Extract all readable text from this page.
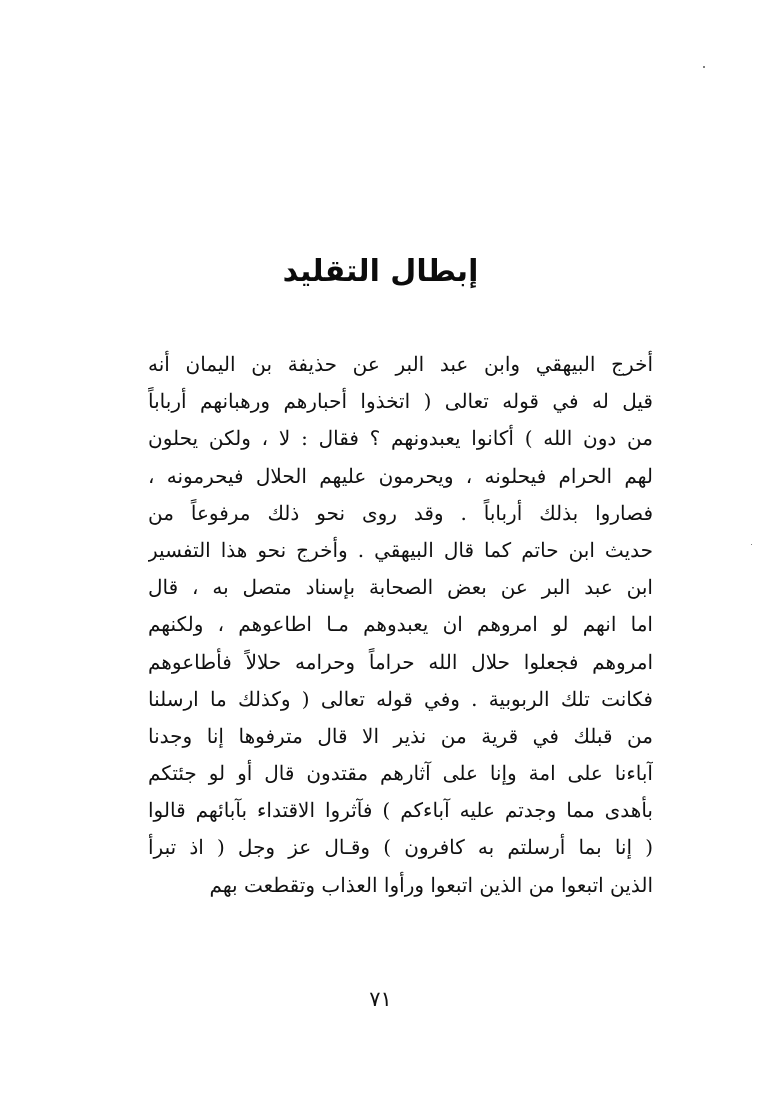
إبطال التقليد
أخرج البيهقي وابن عبد البر عن حذيفة بن اليمان أنه
قيل له في قوله تعالى ( اتخذوا أحبارهم ورهبانهم أرباباً
من دون الله ) أكانوا يعبدونهم ؟ فقال : لا ، ولكن يحلون
لهم الحرام فيحلونه ، ويحرمون عليهم الحلال فيحرمونه ،
فصاروا بذلك أرباباً . وقد روى نحو ذلك مرفوعاً من
حديث ابن حاتم كما قال البيهقي . وأخرج نحو هذا التفسير
ابن عبد البر عن بعض الصحابة بإسناد متصل به ، قال
اما انهم لو امروهم ان يعبدوهم مـا اطاعوهم ، ولكنهم
امروهم فجعلوا حلال الله حراماً وحرامه حلالاً فأطاعوهم
فكانت تلك الربوبية . وفي قوله تعالى ( وكذلك ما ارسلنا
من قبلك في قرية من نذير الا قال مترفوها إنا وجدنا
آباءنا على امة وإنا على آثارهم مقتدون قال أو لو جئتكم
بأهدى مما وجدتم عليه آباءكم ) فآثروا الاقتداء بآبائهم قالوا
( إنا بما أرسلتم به كافرون ) وقـال عز وجل ( اذ تبرأ
الذين اتبعوا من الذين اتبعوا ورأوا العذاب وتقطعت بهم
٧١
